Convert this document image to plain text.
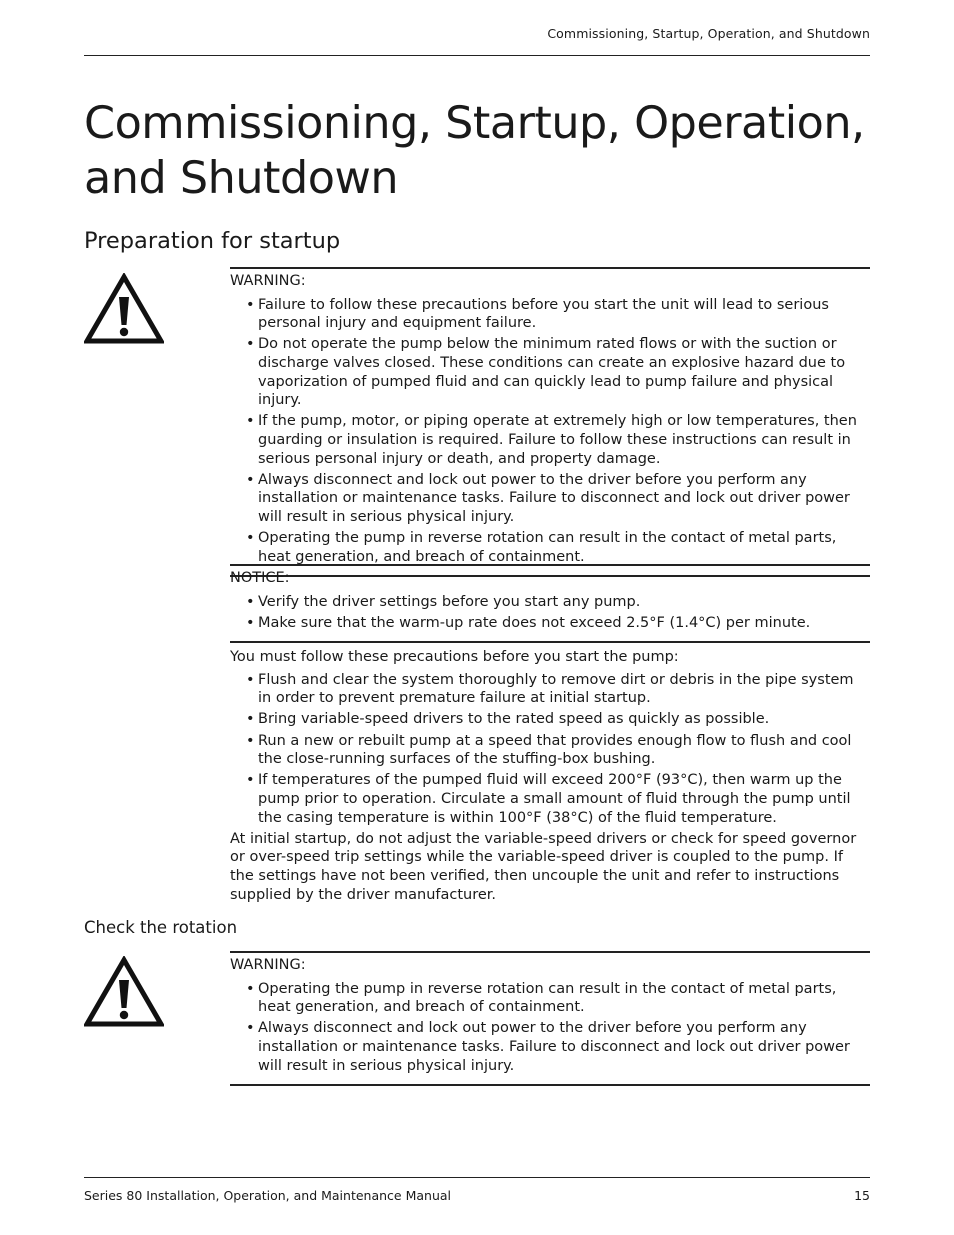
Commissioning, Startup, Operation, and Shutdown
Commissioning, Startup, Operation, and Shutdown
Preparation for startup
WARNING:
• Failure to follow these precautions before you start the unit will lead to serious personal injury and equipment failure.
• Do not operate the pump below the minimum rated flows or with the suction or discharge valves closed. These conditions can create an explosive hazard due to vaporization of pumped fluid and can quickly lead to pump failure and physical injury.
• If the pump, motor, or piping operate at extremely high or low temperatures, then guarding or insulation is required. Failure to follow these instructions can result in serious personal injury or death, and property damage.
• Always disconnect and lock out power to the driver before you perform any installation or maintenance tasks. Failure to disconnect and lock out driver power will result in serious physical injury.
• Operating the pump in reverse rotation can result in the contact of metal parts, heat generation, and breach of containment.
NOTICE:
• Verify the driver settings before you start any pump.
• Make sure that the warm-up rate does not exceed 2.5°F (1.4°C) per minute.

You must follow these precautions before you start the pump:

• Flush and clear the system thoroughly to remove dirt or debris in the pipe system in order to prevent premature failure at initial startup.
• Bring variable-speed drivers to the rated speed as quickly as possible.
• Run a new or rebuilt pump at a speed that provides enough flow to flush and cool the close-running surfaces of the stuffing-box bushing.
• If temperatures of the pumped fluid will exceed 200°F (93°C), then warm up the pump prior to operation. Circulate a small amount of fluid through the pump until the casing temperature is within 100°F (38°C) of the fluid temperature.

At initial startup, do not adjust the variable-speed drivers or check for speed governor or over-speed trip settings while the variable-speed driver is coupled to the pump. If the settings have not been verified, then uncouple the unit and refer to instructions supplied by the driver manufacturer.

Check the rotation
WARNING:
• Operating the pump in reverse rotation can result in the contact of metal parts, heat generation, and breach of containment.
• Always disconnect and lock out power to the driver before you perform any installation or maintenance tasks. Failure to disconnect and lock out driver power will result in serious physical injury.
Series 80 Installation, Operation, and Maintenance Manual	15
